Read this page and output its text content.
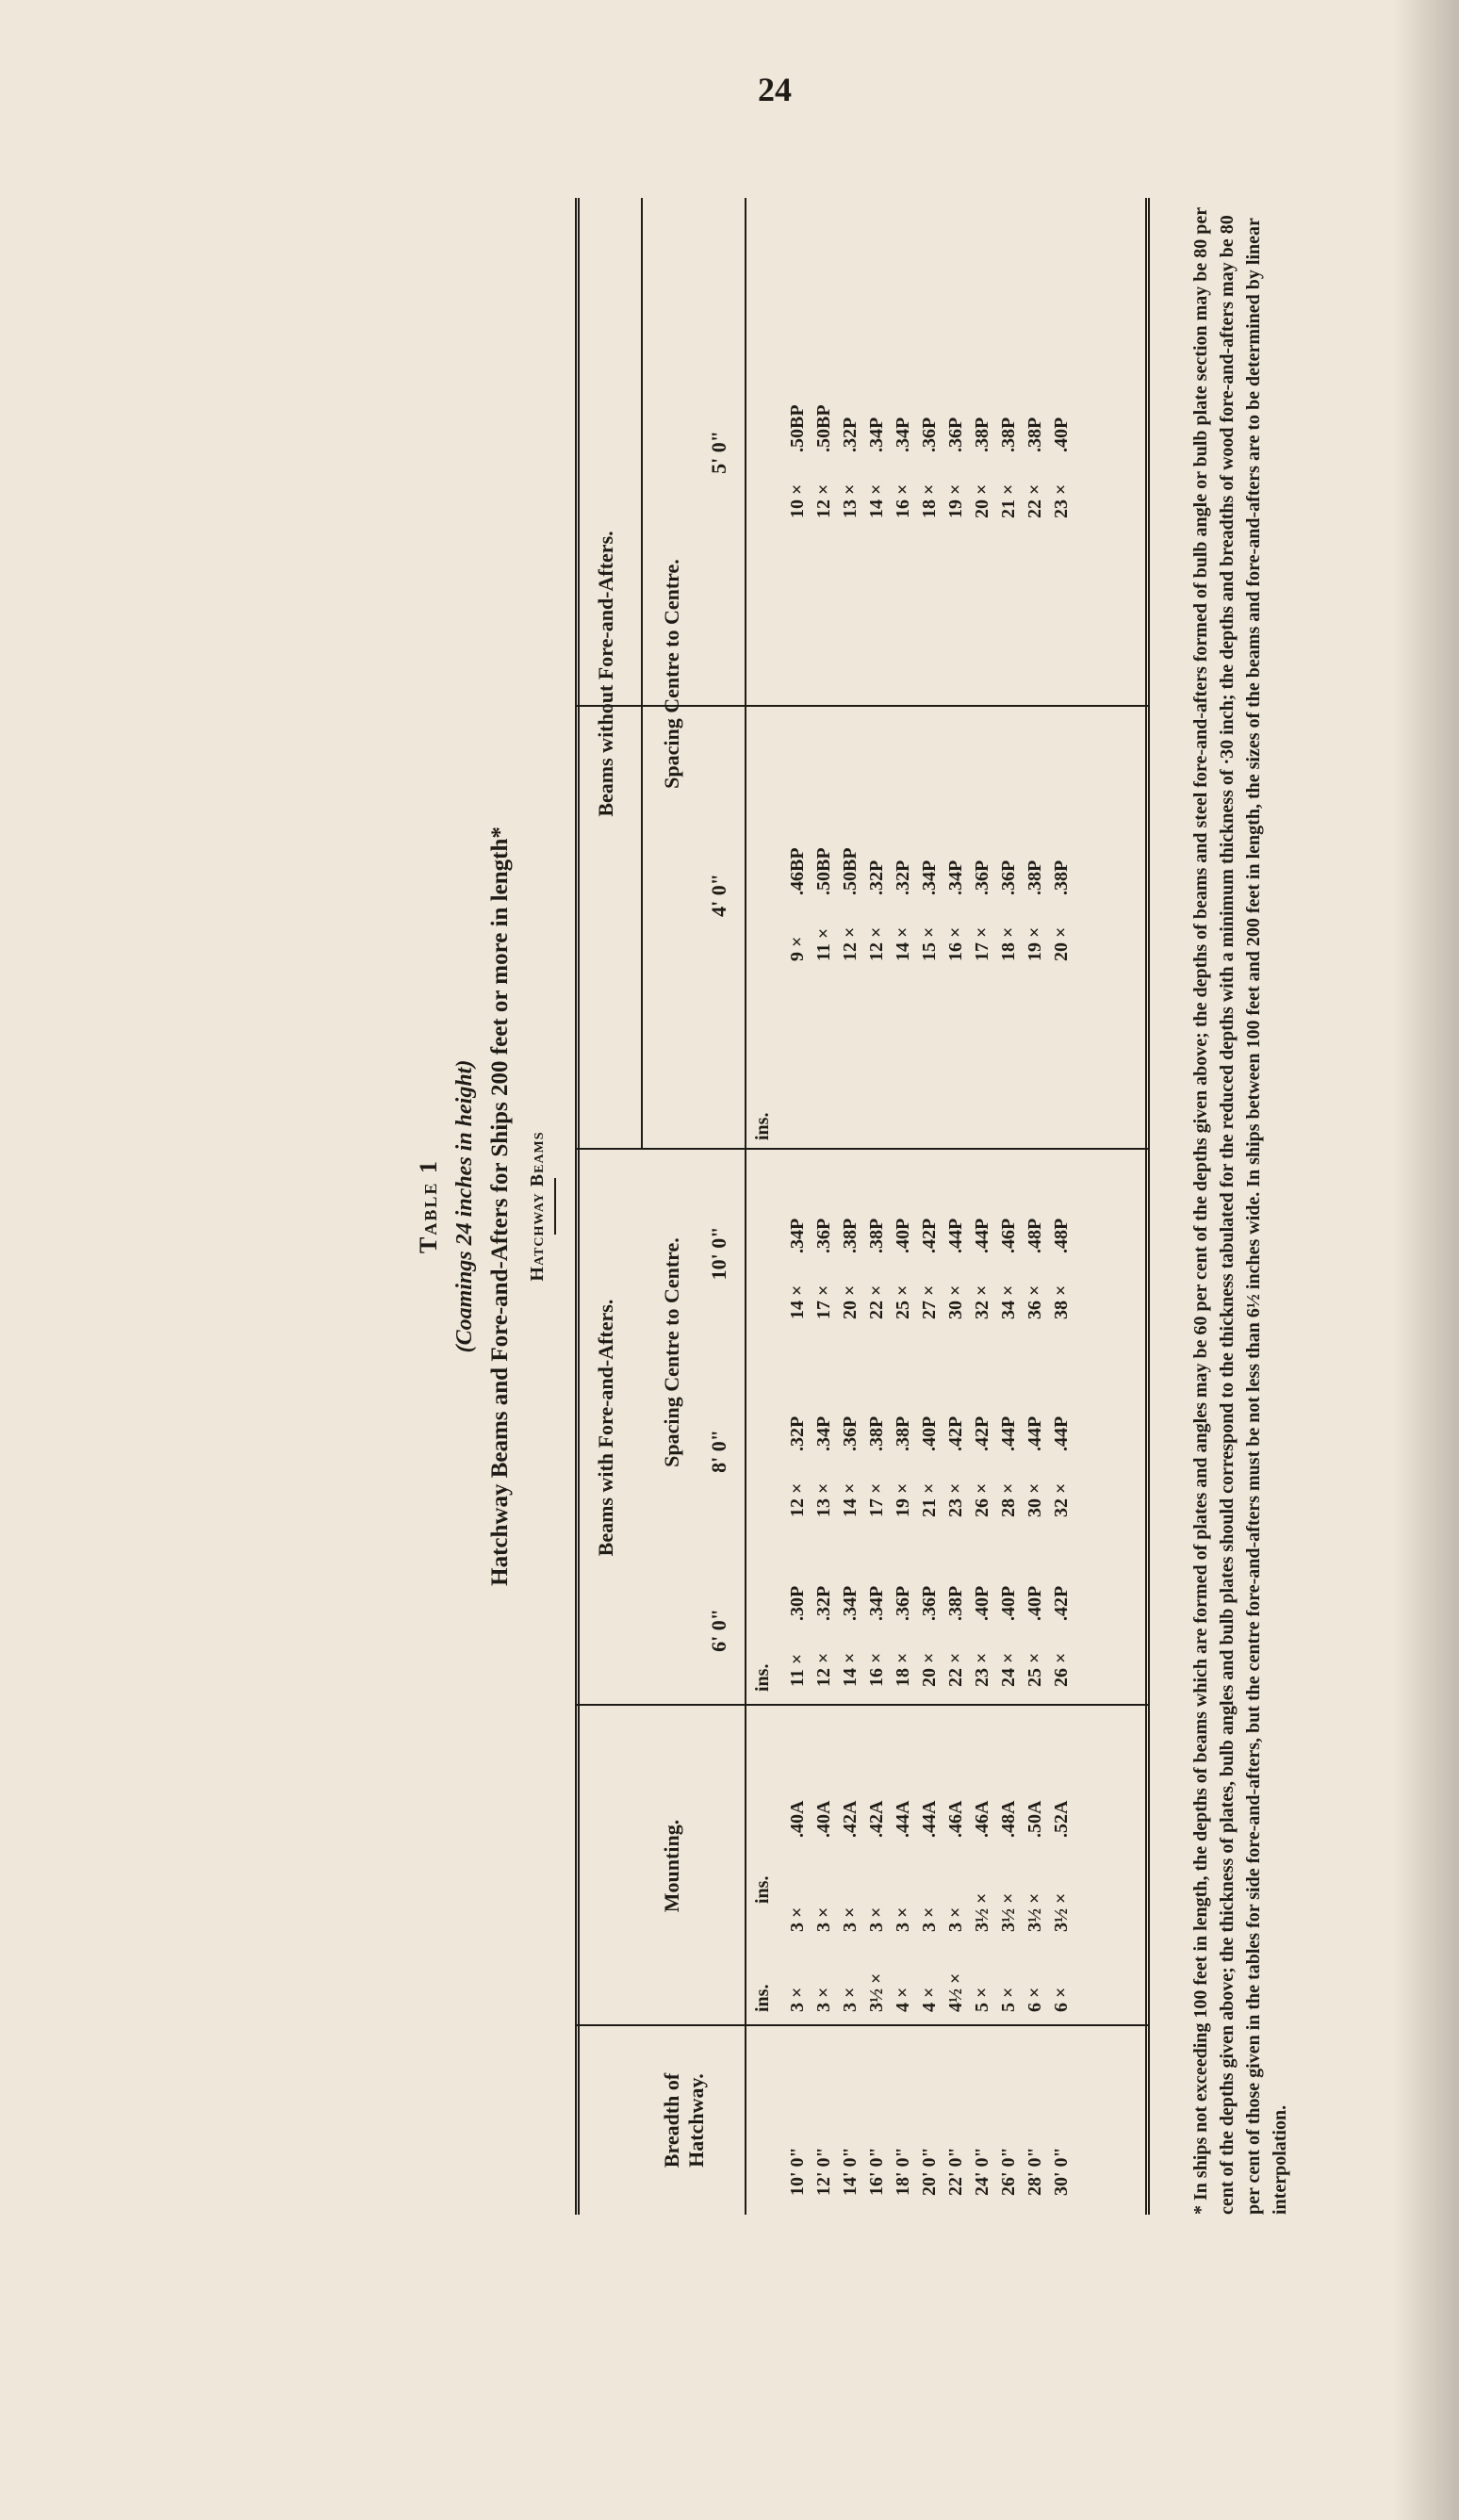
24
Table 1 (Coamings 24 inches in height) Hatchway Beams and Fore-and-Afters for Ships 200 feet or more in length* Hatchway Beams
Breadth of Hatchway.
Mounting.
Beams with Fore-and-Afters.
Beams without Fore-and-Afters.
Spacing Centre to Centre.
Spacing Centre to Centre.
6' 0"
8' 0"
10' 0"
4' 0"
5' 0"
ins.
ins.
ins.
ins.
10' 0" 12' 0" 14' 0" 16' 0" 18' 0" 20' 0" 22' 0" 24' 0" 26' 0" 28' 0" 30' 0"
3 × 3 × 3 × 3½ × 4 × 4 × 4½ × 5 × 5 × 6 × 6 ×
3 × 3 × 3 × 3 × 3 × 3 × 3 × 3½ × 3½ × 3½ × 3½ ×
.40A .40A .42A .42A .44A .44A .46A .46A .48A .50A .52A
11 × 12 × 14 × 16 × 18 × 20 × 22 × 23 × 24 × 25 × 26 ×
.30P .32P .34P .34P .36P .36P .38P .40P .40P .40P .42P
12 × 13 × 14 × 17 × 19 × 21 × 23 × 26 × 28 × 30 × 32 ×
.32P .34P .36P .38P .38P .40P .42P .42P .44P .44P .44P
14 × 17 × 20 × 22 × 25 × 27 × 30 × 32 × 34 × 36 × 38 ×
.34P .36P .38P .38P .40P .42P .44P .44P .46P .48P .48P
9 × 11 × 12 × 12 × 14 × 15 × 16 × 17 × 18 × 19 × 20 ×
.46BP .50BP .50BP .32P .32P .34P .34P .36P .36P .38P .38P
10 × 12 × 13 × 14 × 16 × 18 × 19 × 20 × 21 × 22 × 23 ×
.50BP .50BP .32P .34P .34P .36P .36P .38P .38P .38P .40P	* In ships not exceeding 100 feet in length, the depths of beams which are formed of plates and angles may be 60 per cent of the depths given above; the depths of beams and steel fore-and-afters formed of bulb angle or bulb plate section may be 80 per cent of the depths given above; the thickness of plates, bulb angles and bulb plates should correspond to the thickness tabulated for the reduced depths with a minimum thickness of ·30 inch; the depths and breadths of wood fore-and-afters may be 80 per cent of those given in the tables for side fore-and-afters, but the centre fore-and-afters must be not less than 6½ inches wide. In ships between 100 feet and 200 feet in length, the sizes of the beams and fore-and-afters are to be determined by linear interpolation.
